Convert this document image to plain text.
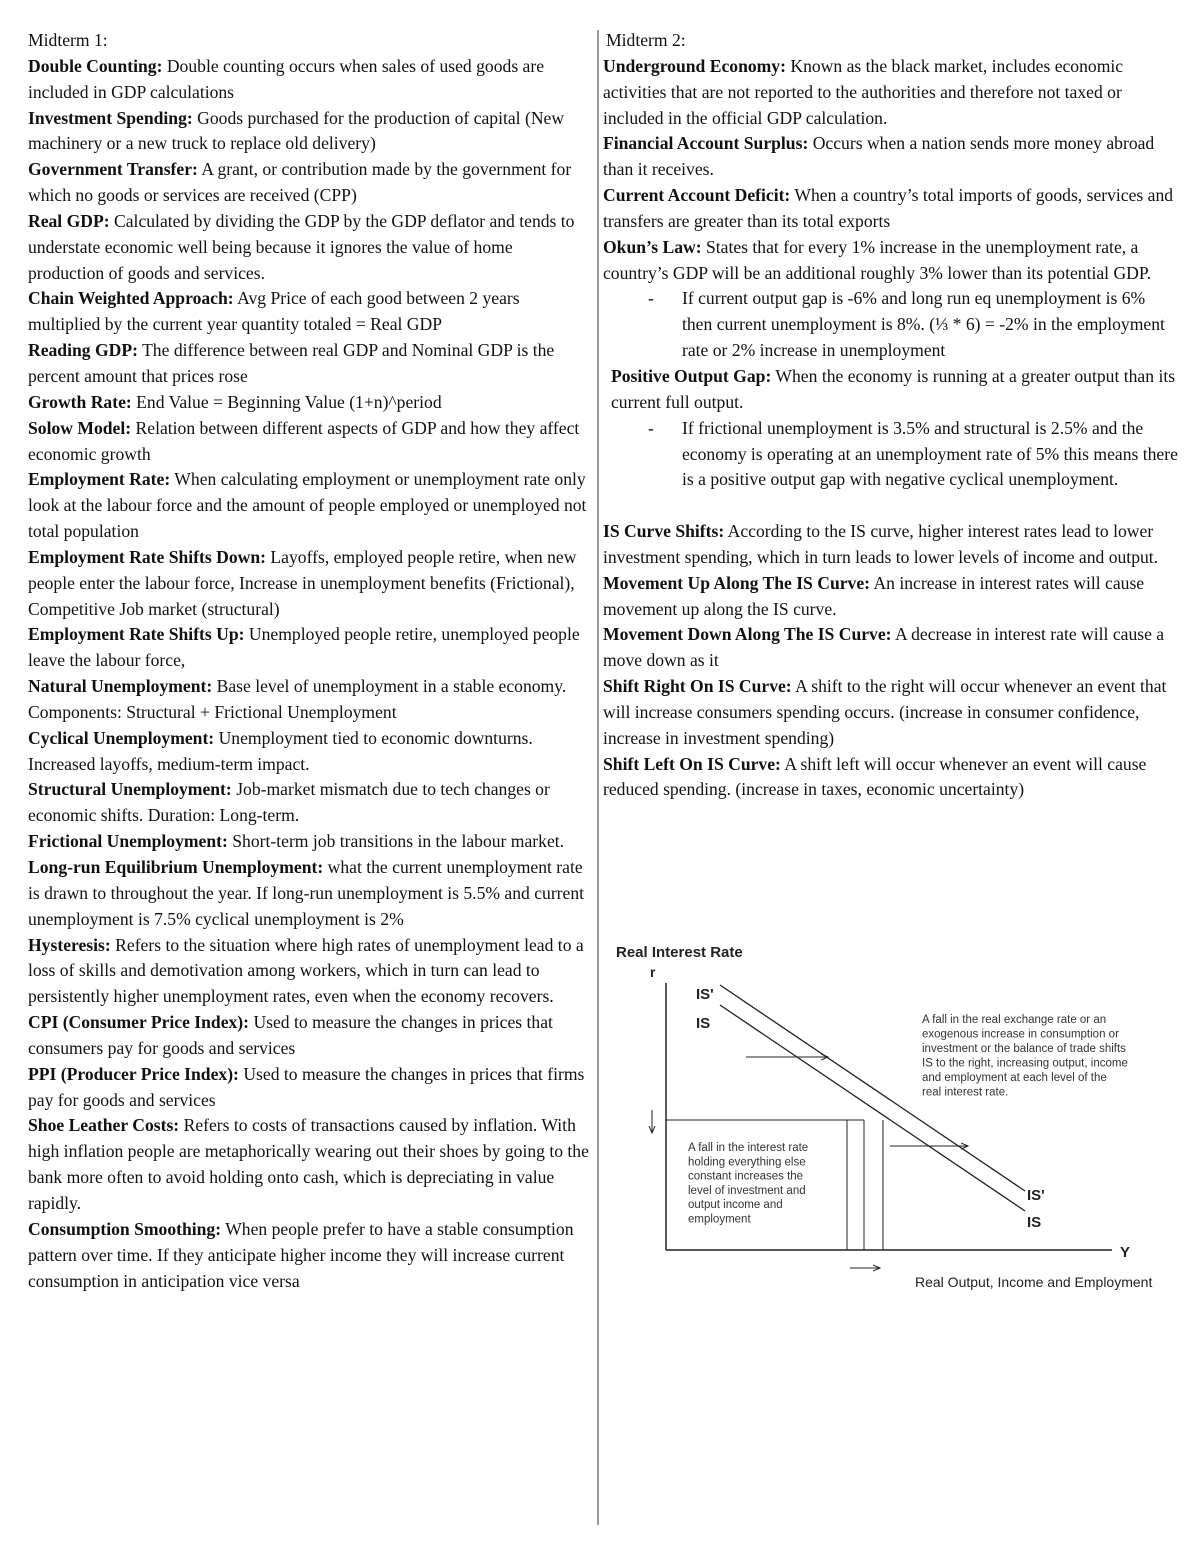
Midterm 1:

Double Counting: Double counting occurs when sales of used goods are included in GDP calculations

Investment Spending: Goods purchased for the production of capital (New machinery or a new truck to replace old delivery)

Government Transfer: A grant, or contribution made by the government for which no goods or services are received (CPP)

Real GDP: Calculated by dividing the GDP by the GDP deflator and tends to understate economic well being because it ignores the value of home production of goods and services.

Chain Weighted Approach: Avg Price of each good between 2 years multiplied by the current year quantity totaled = Real GDP

Reading GDP: The difference between real GDP and Nominal GDP is the percent amount that prices rose

Growth Rate: End Value = Beginning Value (1+n)^period

Solow Model: Relation between different aspects of GDP and how they affect economic growth

Employment Rate: When calculating employment or unemployment rate only look at the labour force and the amount of people employed or unemployed not total population

Employment Rate Shifts Down: Layoffs, employed people retire, when new people enter the labour force, Increase in unemployment benefits (Frictional), Competitive Job market (structural)

Employment Rate Shifts Up: Unemployed people retire, unemployed people leave the labour force,

Natural Unemployment: Base level of unemployment in a stable economy. Components: Structural + Frictional Unemployment

Cyclical Unemployment: Unemployment tied to economic downturns. Increased layoffs, medium-term impact.

Structural Unemployment: Job-market mismatch due to tech changes or economic shifts. Duration: Long-term.

Frictional Unemployment: Short-term job transitions in the labour market.

Long-run Equilibrium Unemployment: what the current unemployment rate is drawn to throughout the year. If long-run unemployment is 5.5% and current unemployment is 7.5% cyclical unemployment is 2%

Hysteresis: Refers to the situation where high rates of unemployment lead to a loss of skills and demotivation among workers, which in turn can lead to persistently higher unemployment rates, even when the economy recovers.

CPI (Consumer Price Index): Used to measure the changes in prices that consumers pay for goods and services

PPI (Producer Price Index): Used to measure the changes in prices that firms pay for goods and services

Shoe Leather Costs: Refers to costs of transactions caused by inflation. With high inflation people are metaphorically wearing out their shoes by going to the bank more often to avoid holding onto cash, which is depreciating in value rapidly.

Consumption Smoothing: When people prefer to have a stable consumption pattern over time. If they anticipate higher income they will increase current consumption in anticipation vice versa

Midterm 2:

Underground Economy: Known as the black market, includes economic activities that are not reported to the authorities and therefore not taxed or included in the official GDP calculation.

Financial Account Surplus: Occurs when a nation sends more money abroad than it receives.

Current Account Deficit: When a country’s total imports of goods, services and transfers are greater than its total exports

Okun’s Law: States that for every 1% increase in the unemployment rate, a country’s GDP will be an additional roughly 3% lower than its potential GDP.

- If current output gap is -6% and long run eq unemployment is 6% then current unemployment is 8%. (⅓ * 6) = -2% in the employment rate or 2% increase in unemployment

Positive Output Gap: When the economy is running at a greater output than its current full output.

- If frictional unemployment is 3.5% and structural is 2.5% and the economy is operating at an unemployment rate of 5% this means there is a positive output gap with negative cyclical unemployment.

IS Curve Shifts: According to the IS curve, higher interest rates lead to lower investment spending, which in turn leads to lower levels of income and output.

Movement Up Along The IS Curve: An increase in interest rates will cause movement up along the IS curve.

Movement Down Along The IS Curve: A decrease in interest rate will cause a move down as it

Shift Right On IS Curve: A shift to the right will occur whenever an event that will increase consumers spending occurs. (increase in consumer confidence, increase in investment spending)

Shift Left On IS Curve: A shift left will occur whenever an event will cause reduced spending. (increase in taxes, economic uncertainty)

Real Interest Rate
r
Y
Real Output, Income and Employment
IS'
IS
IS'
IS
A fall in the real exchange rate or an
exogenous increase in consumption or
investment or the balance of trade shifts
IS to the right, increasing output, income
and employment at each level of the
real interest rate.
A fall in the interest rate
holding everything else
constant increases the
level of investment and
output income and
employment
